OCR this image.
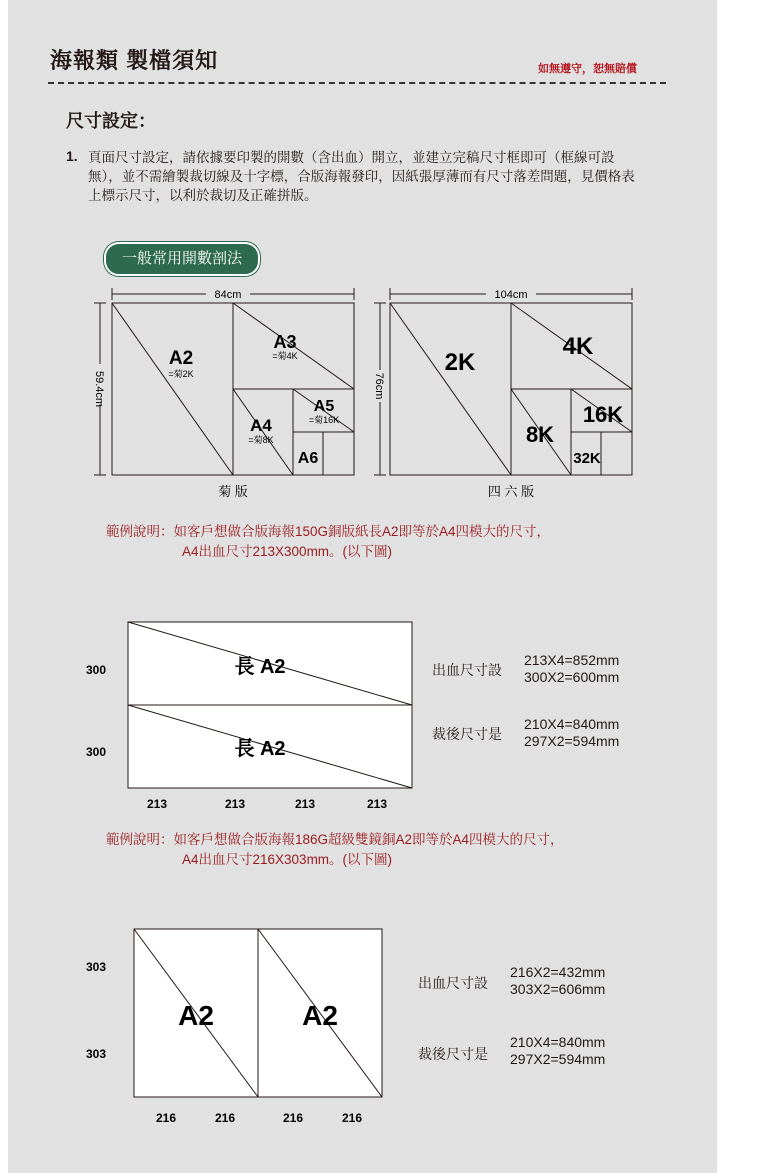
海報類 製檔須知	如無遵守，恕無賠償
尺寸設定：
1. 頁面尺寸設定，請依據要印製的開數（含出血）開立，並建立完稿尺寸框即可（框線可設無），並不需繪製裁切線及十字標，合版海報發印，因紙張厚薄而有尺寸落差問題，見價格表上標示尺寸，以利於裁切及正確拼版。
一般常用開數剖法
84cm
59.4cm
A2
=菊2K
A3
=菊4K
A4
=菊8K
A5
=菊16K
A6
菊 版
104cm
76cm
2K
4K
8K
16K
32K
四 六 版
範例說明：如客戶想做合版海報150G銅版紙長A2即等於A4四模大的尺寸，
A4出血尺寸213X300mm。(以下圖)
長 A2
長 A2
300
300
213	213	213	213
出血尺寸設
213X4=852mm
300X2=600mm
裁後尺寸是
210X4=840mm
297X2=594mm
範例說明：如客戶想做合版海報186G超級雙鏡銅A2即等於A4四模大的尺寸，
A4出血尺寸216X303mm。(以下圖)
A2	A2
303
303
216	216	216	216
出血尺寸設
216X2=432mm
303X2=606mm
裁後尺寸是
210X4=840mm
297X2=594mm
